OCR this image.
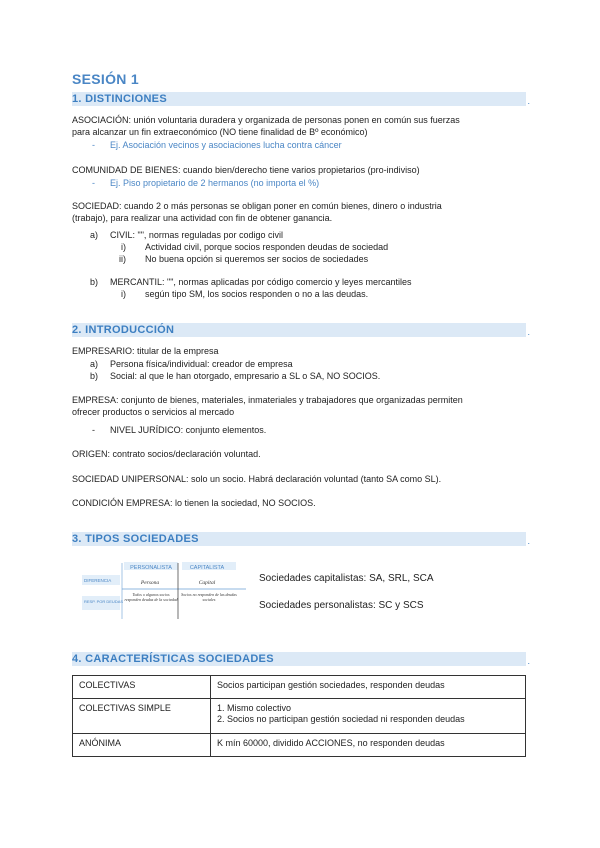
SESIÓN 1
1. DISTINCIONES	.
ASOCIACIÓN: unión voluntaria duradera y organizada de personas ponen en común sus fuerzas
para alcanzar un fin extraeconómico (NO tiene finalidad de Bº económico)
- Ej. Asociación vecinos y asociaciones lucha contra cáncer
COMUNIDAD DE BIENES: cuando bien/derecho tiene varios propietarios (pro-indiviso)
- Ej. Piso propietario de 2 hermanos (no importa el %)
SOCIEDAD: cuando 2 o más personas se obligan poner en común bienes, dinero o industria
(trabajo), para realizar una actividad con fin de obtener ganancia.
a) CIVIL: "", normas reguladas por codigo civil
i) Actividad civil, porque socios responden deudas de sociedad
ii) No buena opción si queremos ser socios de sociedades
b) MERCANTIL: "", normas aplicadas por código comercio y leyes mercantiles
i) según tipo SM, los socios responden o no a las deudas.
2. INTRODUCCIÓN	.
EMPRESARIO: titular de la empresa
a) Persona física/individual: creador de empresa
b) Social: al que le han otorgado, empresario a SL o SA, NO SOCIOS.
EMPRESA: conjunto de bienes, materiales, inmateriales y trabajadores que organizadas permiten
ofrecer productos o servicios al mercado
- NIVEL JURÍDICO: conjunto elementos.
ORIGEN: contrato socios/declaración voluntad.
SOCIEDAD UNIPERSONAL: solo un socio. Habrá declaración voluntad (tanto SA como SL).
CONDICIÓN EMPRESA: lo tienen la sociedad, NO SOCIOS.
3. TIPOS SOCIEDADES	.
PERSONALISTA	CAPITALISTA
DIFERENCIA
RESP. POR DEUDAS
Persona	Capital
Todos o algunos socios responden deudas de la sociedad
Socios no responden de las deudas sociales
Sociedades capitalistas: SA, SRL, SCA
Sociedades personalistas: SC y SCS
4. CARACTERÍSTICAS SOCIEDADES	.
COLECTIVAS	Socios participan gestión sociedades, responden deudas
COLECTIVAS SIMPLE	1. Mismo colectivo
2. Socios no participan gestión sociedad ni responden deudas

ANÓNIMA	K mín 60000, dividido ACCIONES, no responden deudas
